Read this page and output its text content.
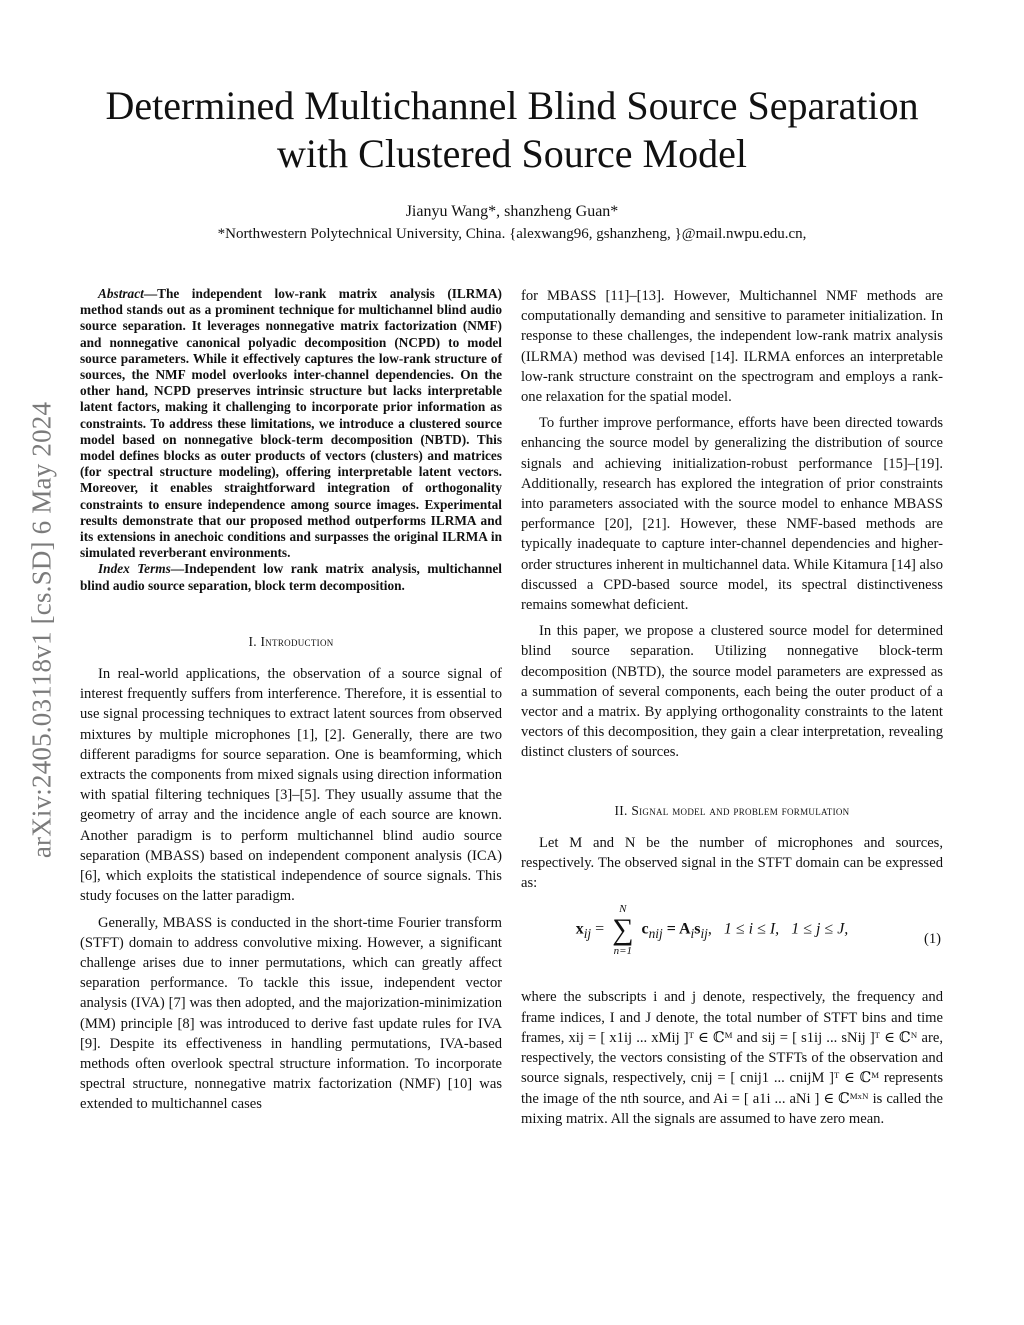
arXiv:2405.03118v1 [cs.SD] 6 May 2024
Determined Multichannel Blind Source Separation
with Clustered Source Model
Jianyu Wang*, shanzheng Guan*
*Northwestern Polytechnical University, China. {alexwang96, gshanzheng, }@mail.nwpu.edu.cn,

Abstract—The independent low-rank matrix analysis (ILRMA) method stands out as a prominent technique for multichannel blind audio source separation. It leverages nonnegative matrix factorization (NMF) and nonnegative canonical polyadic decomposition (NCPD) to model source parameters. While it effectively captures the low-rank structure of sources, the NMF model overlooks inter-channel dependencies. On the other hand, NCPD preserves intrinsic structure but lacks interpretable latent factors, making it challenging to incorporate prior information as constraints. To address these limitations, we introduce a clustered source model based on nonnegative block-term decomposition (NBTD). This model defines blocks as outer products of vectors (clusters) and matrices (for spectral structure modeling), offering interpretable latent vectors. Moreover, it enables straightforward integration of orthogonality constraints to ensure independence among source images. Experimental results demonstrate that our proposed method outperforms ILRMA and its extensions in anechoic conditions and surpasses the original ILRMA in simulated reverberant environments.

Index Terms—Independent low rank matrix analysis, multichannel blind audio source separation, block term decomposition.

I. Introduction

In real-world applications, the observation of a source signal of interest frequently suffers from interference. Therefore, it is essential to use signal processing techniques to extract latent sources from observed mixtures by multiple microphones [1], [2]. Generally, there are two different paradigms for source separation. One is beamforming, which extracts the components from mixed signals using direction information with spatial filtering techniques [3]–[5]. They usually assume that the geometry of array and the incidence angle of each source are known. Another paradigm is to perform multichannel blind audio source separation (MBASS) based on independent component analysis (ICA) [6], which exploits the statistical independence of source signals. This study focuses on the latter paradigm.

Generally, MBASS is conducted in the short-time Fourier transform (STFT) domain to address convolutive mixing. However, a significant challenge arises due to inner permutations, which can greatly affect separation performance. To tackle this issue, independent vector analysis (IVA) [7] was then adopted, and the majorization-minimization (MM) principle [8] was introduced to derive fast update rules for IVA [9]. Despite its effectiveness in handling permutations, IVA-based methods often overlook spectral structure information. To incorporate spectral structure, nonnegative matrix factorization (NMF) [10] was extended to multichannel cases

for MBASS [11]–[13]. However, Multichannel NMF methods are computationally demanding and sensitive to parameter initialization. In response to these challenges, the independent low-rank matrix analysis (ILRMA) method was devised [14]. ILRMA enforces an interpretable low-rank structure constraint on the spectrogram and employs a rank-one relaxation for the spatial model.

To further improve performance, efforts have been directed towards enhancing the source model by generalizing the distribution of source signals and achieving initialization-robust performance [15]–[19]. Additionally, research has explored the integration of prior constraints into parameters associated with the source model to enhance MBASS performance [20], [21]. However, these NMF-based methods are typically inadequate to capture inter-channel dependencies and higher-order structures inherent in multichannel data. While Kitamura [14] also discussed a CPD-based source model, its spectral distinctiveness remains somewhat deficient.

In this paper, we propose a clustered source model for determined blind source separation. Utilizing nonnegative block-term decomposition (NBTD), the source model parameters are expressed as a summation of several components, each being the outer product of a vector and a matrix. By applying orthogonality constraints to the latent vectors of this decomposition, they gain a clear interpretation, revealing distinct clusters of sources.

II. Signal model and problem formulation

Let M and N be the number of microphones and sources, respectively. The observed signal in the STFT domain can be expressed as:

$x_{ij}$ =
N
∑
n=1
$c_{nij} = A_is_{ij}$,   1 ≤ i ≤ I, 1 ≤ j ≤ J,
(1)

where the subscripts i and j denote, respectively, the frequency and frame indices, I and J denote, the total number of STFT bins and time frames, xij = [ x1ij ... xMij ]ᵀ ∈ ℂᴹ and sij = [ s1ij ... sNij ]ᵀ ∈ ℂᴺ are, respectively, the vectors consisting of the STFTs of the observation and source signals, respectively, cnij = [ cnij1 ... cnijM ]ᵀ ∈ ℂᴹ represents the image of the nth source, and Ai = [ a1i ... aNi ] ∈ ℂᴹˣᴺ is called the mixing matrix. All the signals are assumed to have zero mean.
